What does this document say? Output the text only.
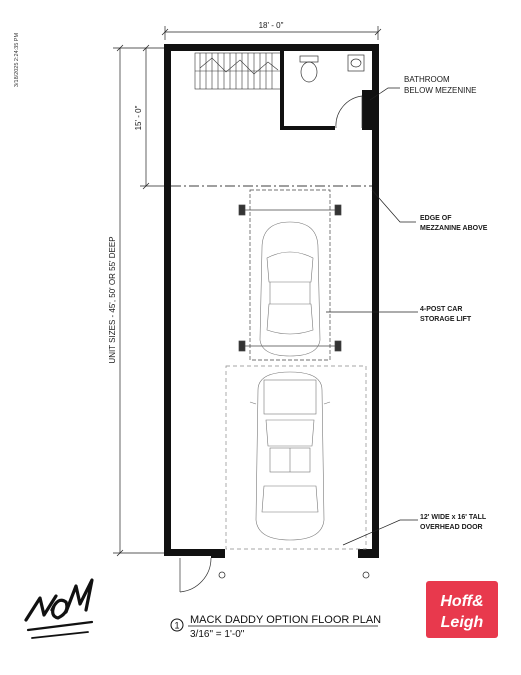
3/18/2025 2:24:35 PM
18' - 0"
15' - 0"
UNIT SIZES - 45', 50' OR 55' DEEP
BATHROOM
BELOW MEZENINE
EDGE OF
MEZZANINE ABOVE
4-POST CAR
STORAGE LIFT
12' WIDE x 16' TALL
OVERHEAD DOOR
1 MACK DADDY OPTION FLOOR PLAN
3/16" = 1'-0"
Hoff&
Leigh
